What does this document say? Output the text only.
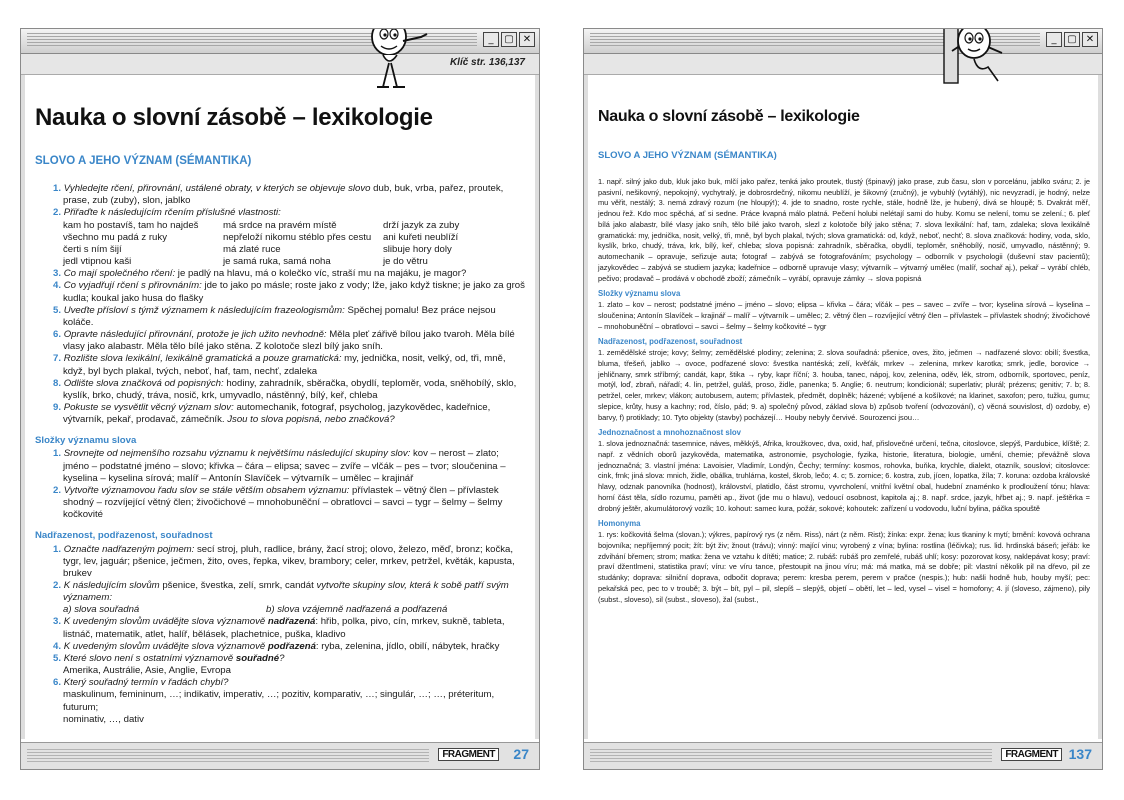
_	▢ ✕
Klíč str. 136,137
Nauka o slovní zásobě – lexikologie
SLOVO A JEHO VÝZNAM (SÉMANTIKA)

1. Vyhledejte rčení, přirovnání, ustálené obraty, v kterých se objevuje slovo dub, buk, vrba, pařez, proutek, prase, zub (zuby), slon, jablko

2. Přiřaďte k následujícím rčením příslušné vlastnosti:

kam ho postavíš, tam ho najdeš	má srdce na pravém místě	drží jazyk za zuby
všechno mu padá z ruky	nepřeloží nikomu stéblo přes cestu	ani kuřeti neublíží
čerti s ním šijí	má zlaté ruce	slibuje hory doly
jedl vtipnou kaši	je samá ruka, samá noha	je do větru

3. Co mají společného rčení: je padlý na hlavu, má o kolečko víc, straší mu na majáku, je magor?

4. Co vyjadřují rčení s přirovnáním: jde to jako po másle; roste jako z vody; lže, jako když tiskne; je jako za groš kudla; koukal jako husa do flašky

5. Uveďte přísloví s týmž významem k následujícím frazeologismům: Spěchej pomalu! Bez práce nejsou koláče.

6. Opravte následující přirovnání, protože je jich užito nevhodně: Měla pleť zářivě bílou jako tvaroh. Měla bílé vlasy jako alabastr. Měla tělo bílé jako stěna. Z kolotoče slezl bílý jako sníh.

7. Rozlište slova lexikální, lexikálně gramatická a pouze gramatická: my, jednička, nosit, velký, od, tři, mně, když, byl bych plakal, tvých, neboť, haf, tam, nechť, zdaleka

8. Odlište slova značková od popisných: hodiny, zahradník, sběračka, obydlí, teploměr, voda, sněhobílý, sklo, kyslík, brko, chudý, tráva, nosič, krk, umyvadlo, nástěnný, bílý, keř, chleba

9. Pokuste se vysvětlit věcný význam slov: automechanik, fotograf, psycholog, jazykovědec, kadeřnice, výtvarník, pekař, prodavač, zámečník. Jsou to slova popisná, nebo značková?

Složky významu slova

1. Srovnejte od nejmenšího rozsahu významu k největšímu následující skupiny slov: kov – nerost – zlato; jméno – podstatné jméno – slovo; křivka – čára – elipsa; savec – zvíře – vlčák – pes – tvor; sloučenina – kyselina – kyselina sírová; malíř – Antonín Slavíček – výtvarník – umělec – krajinář

2. Vytvořte významovou řadu slov se stále větším obsahem významu: přívlastek – větný člen – přívlastek shodný – rozvíjející větný člen; živočichové – mnohobuněční – obratlovci – savci – tygr – šelmy – šelmy kočkovité

Nadřazenost, podřazenost, souřadnost

1. Označte nadřazeným pojmem: secí stroj, pluh, radlice, brány, žací stroj; olovo, železo, měď, bronz; kočka, tygr, lev, jaguár; pšenice, ječmen, žito, oves, řepka, vikev, brambory; celer, mrkev, petržel, květák, kapusta, brukev

2. K následujícím slovům pšenice, švestka, zelí, smrk, candát vytvořte skupiny slov, která k sobě patří svým významem:

a) slova souřadná	b) slova vzájemně nadřazená a podřazená

3. K uvedeným slovům uvádějte slova významově nadřazená: hřib, polka, pivo, cín, mrkev, sukně, tableta, listnáč, matematik, atlet, halíř, bělásek, plachetnice, puška, kladivo

4. K uvedeným slovům uvádějte slova významově podřazená: ryba, zelenina, jídlo, obilí, nábytek, hračky

5. Které slovo není s ostatními významově souřadné?

Amerika, Austrálie, Asie, Anglie, Evropa

6. Který souřadný termín v řadách chybí?

maskulinum, femininum, …; indikativ, imperativ, …; pozitiv, komparativ, …; singulár, …; …, préteritum, futurum;

nominativ, …, dativ

FRAGMENT 27
_	▢ ✕
Nauka o slovní zásobě – lexikologie
SLOVO A JEHO VÝZNAM (SÉMANTIKA)

1. např. silný jako dub, kluk jako buk, mlčí jako pařez, tenká jako proutek, tlustý (špinavý) jako prase, zub času, slon v porcelánu, jablko sváru; 2. je pasivní, nešikovný, nepokojný, vychytralý, je dobrosrdečný, nikomu neublíží, je šikovný (zručný), je vybuhlý (vytáhlý), nic nevyzradí, je hodný, nelze mu věřit, nestálý; 3. nemá zdravý rozum (ne hloupý!); 4. jde to snadno, roste rychle, stále, hodně lže, je hubený, divá se hloupě; 5. Dvakrát měř, jednou řež. Kdo moc spěchá, ať si sedne. Práce kvapná málo platná. Pečení holubi nelétají sami do huby. Komu se nelení, tomu se zelení.; 6. pleť bílá jako alabastr, bílé vlasy jako sníh, tělo bílé jako tvaroh, slezl z kolotoče bílý jako stěna; 7. slova lexikální: haf, tam, zdaleka; slova lexikálně gramatická: my, jednička, nosit, velký, tři, mně, byl bych plakal, tvých; slova gramatická: od, když, neboť, nechť; 8. slova značková: hodiny, voda, sklo, kyslík, brko, chudý, tráva, krk, bílý, keř, chleba; slova popisná: zahradník, sběračka, obydlí, teploměr, sněhobílý, nosič, umyvadlo, nástěnný; 9. automechanik – opravuje, seřizuje auta; fotograf – zabývá se fotografováním; psychology – odborník v psychologii (duševní stav pacientů); jazykovědec – zabývá se studiem jazyka; kadeřnice – odborně upravuje vlasy; výtvarník – výtvarný umělec (malíř, sochař aj.), pekař – vyrábí chléb, pečivo; prodavač – prodává v obchodě zboží; zámečník – vyrábí, opravuje zámky → slova popisná

Složky významu slova

1. zlato – kov – nerost; podstatné jméno – jméno – slovo; elipsa – křivka – čára; vlčák – pes – savec – zvíře – tvor; kyselina sírová – kyselina – sloučenina; Antonín Slavíček – krajinář – malíř – výtvarník – umělec; 2. větný člen – rozvíjející větný člen – přívlastek – přívlastek shodný; živočichové – mnohobuněční – obratlovci – savci – šelmy – šelmy kočkovité – tygr

Nadřazenost, podřazenost, souřadnost

1. zemědělské stroje; kovy; šelmy; zemědělské plodiny; zelenina; 2. slova souřadná: pšenice, oves, žito, ječmen → nadřazené slovo: obilí; švestka, bluma, třešeň, jablko → ovoce, podřazené slovo: švestka nantéská; zelí, kvěťák, mrkev → zelenina, mrkev karotka; smrk, jedle, borovice → jehličnany, smrk stříbrný; candát, kapr, štika → ryby, kapr říční; 3. houba, tanec, nápoj, kov, zelenina, oděv, lék, strom, odborník, sportovec, peníz, motýl, loď, zbraň, nářadí; 4. lin, petržel, guláš, proso, židle, panenka; 5. Anglie; 6. neutrum; kondicionál; superlativ; plurál; prézens; genitiv; 7. b; 8. petržel, celer, mrkev; vlákon; autobusem, autem; přívlastek, předmět, doplněk; házené; vybíjené a košíkové; na klarinet, saxofon; pero, tužku, gumu; slepice, krůty, husy a kachny; rod, číslo, pád; 9. a) společný původ, základ slova b) způsob tvoření (odvozování), c) věcná souvislost, d) ozdoby, e) barvy, f) protiklady; 10. Tyto objekty (stavby) pocházejí… Houby nebyly červivé. Sourozenci jsou…

Jednoznačnost a mnohoznačnost slov

1. slova jednoznačná: tasemnice, náves, měkkýš, Afrika, kroužkovec, dva, oxid, haf, přislovečné určení, tečna, citoslovce, slepýš, Pardubice, klíště; 2. např. z vědních oborů jazykověda, matematika, astronomie, psychologie, fyzika, historie, literatura, biologie, umění, chemie; převážně slova jednoznačná; 3. vlastní jména: Lavoisier, Vladimír, Londýn, Čechy; termíny: kosmos, rohovka, buňka, krychle, dialekt, otazník, souslovi; citoslovce: cink, frnk; jiná slova: mnich, židle, obálka, truhlárna, kostel, škrob, lečo; 4. c; 5. zornice; 6. kostra, zub, jícen, lopatka, žíla; 7. koruna: ozdoba královské hlavy, odznak panovníka (hodnost), království, platidlo, část stromu, vyvrcholení, vnitřní květní obal, hudební znaménko k prodloužení tónu; hlava: horní část těla, sídlo rozumu, paměti ap., život (jde mu o hlavu), vedoucí osobnost, kapitola aj.; 8. např. srdce, jazyk, hřbet aj.; 9. např. ještěrka = drobný ještěr, akumulátorový vozík; 10. kohout: samec kura, požár, sokové; kohoutek: zařízení u vodovodu, luční bylina, páčka spouště

Homonyma

1. rys: kočkovitá šelma (slovan.); výkres, papírový rys (z něm. Riss), nárt (z něm. Rist); žínka: expr. žena; kus tkaniny k mytí; brnění: kovová ochrana bojovníka; nepříjemný pocit; žít: být živ; žnout (trávu); vinný: mající vinu; vyrobený z vína; bylina: rostlina (léčivka); rus. lid. hrdinská báseň; jeřáb: ke zdvihání břemen; strom; matka: žena ve vztahu k dítěti; matice; 2. rubáš: rubáš pro zemřelé, rubáš uhlí; kosy: pozorovat kosy, naklepávat kosy; praví: praví džentlmeni, statistika praví; víru: ve víru tance, přestoupit na jinou víru; má: má matka, má se dobře; pil: vlastní několik pil na dřevo, pil ze studánky; doprava: silniční doprava, odbočit doprava; perem: kresba perem, perem v pračce (nespis.); hub: našli hodně hub, houby myší; pec: pekařská pec, pec to v troubě; 3. být – bít, pyl – pil, slepíš – slepýš, objetí – obětí, let – led, vysel – visel = homofony; 4. jí (sloveso, zájmeno), pily (subst., sloveso), sil (subst., sloveso), žal (subst.,

FRAGMENT 137
